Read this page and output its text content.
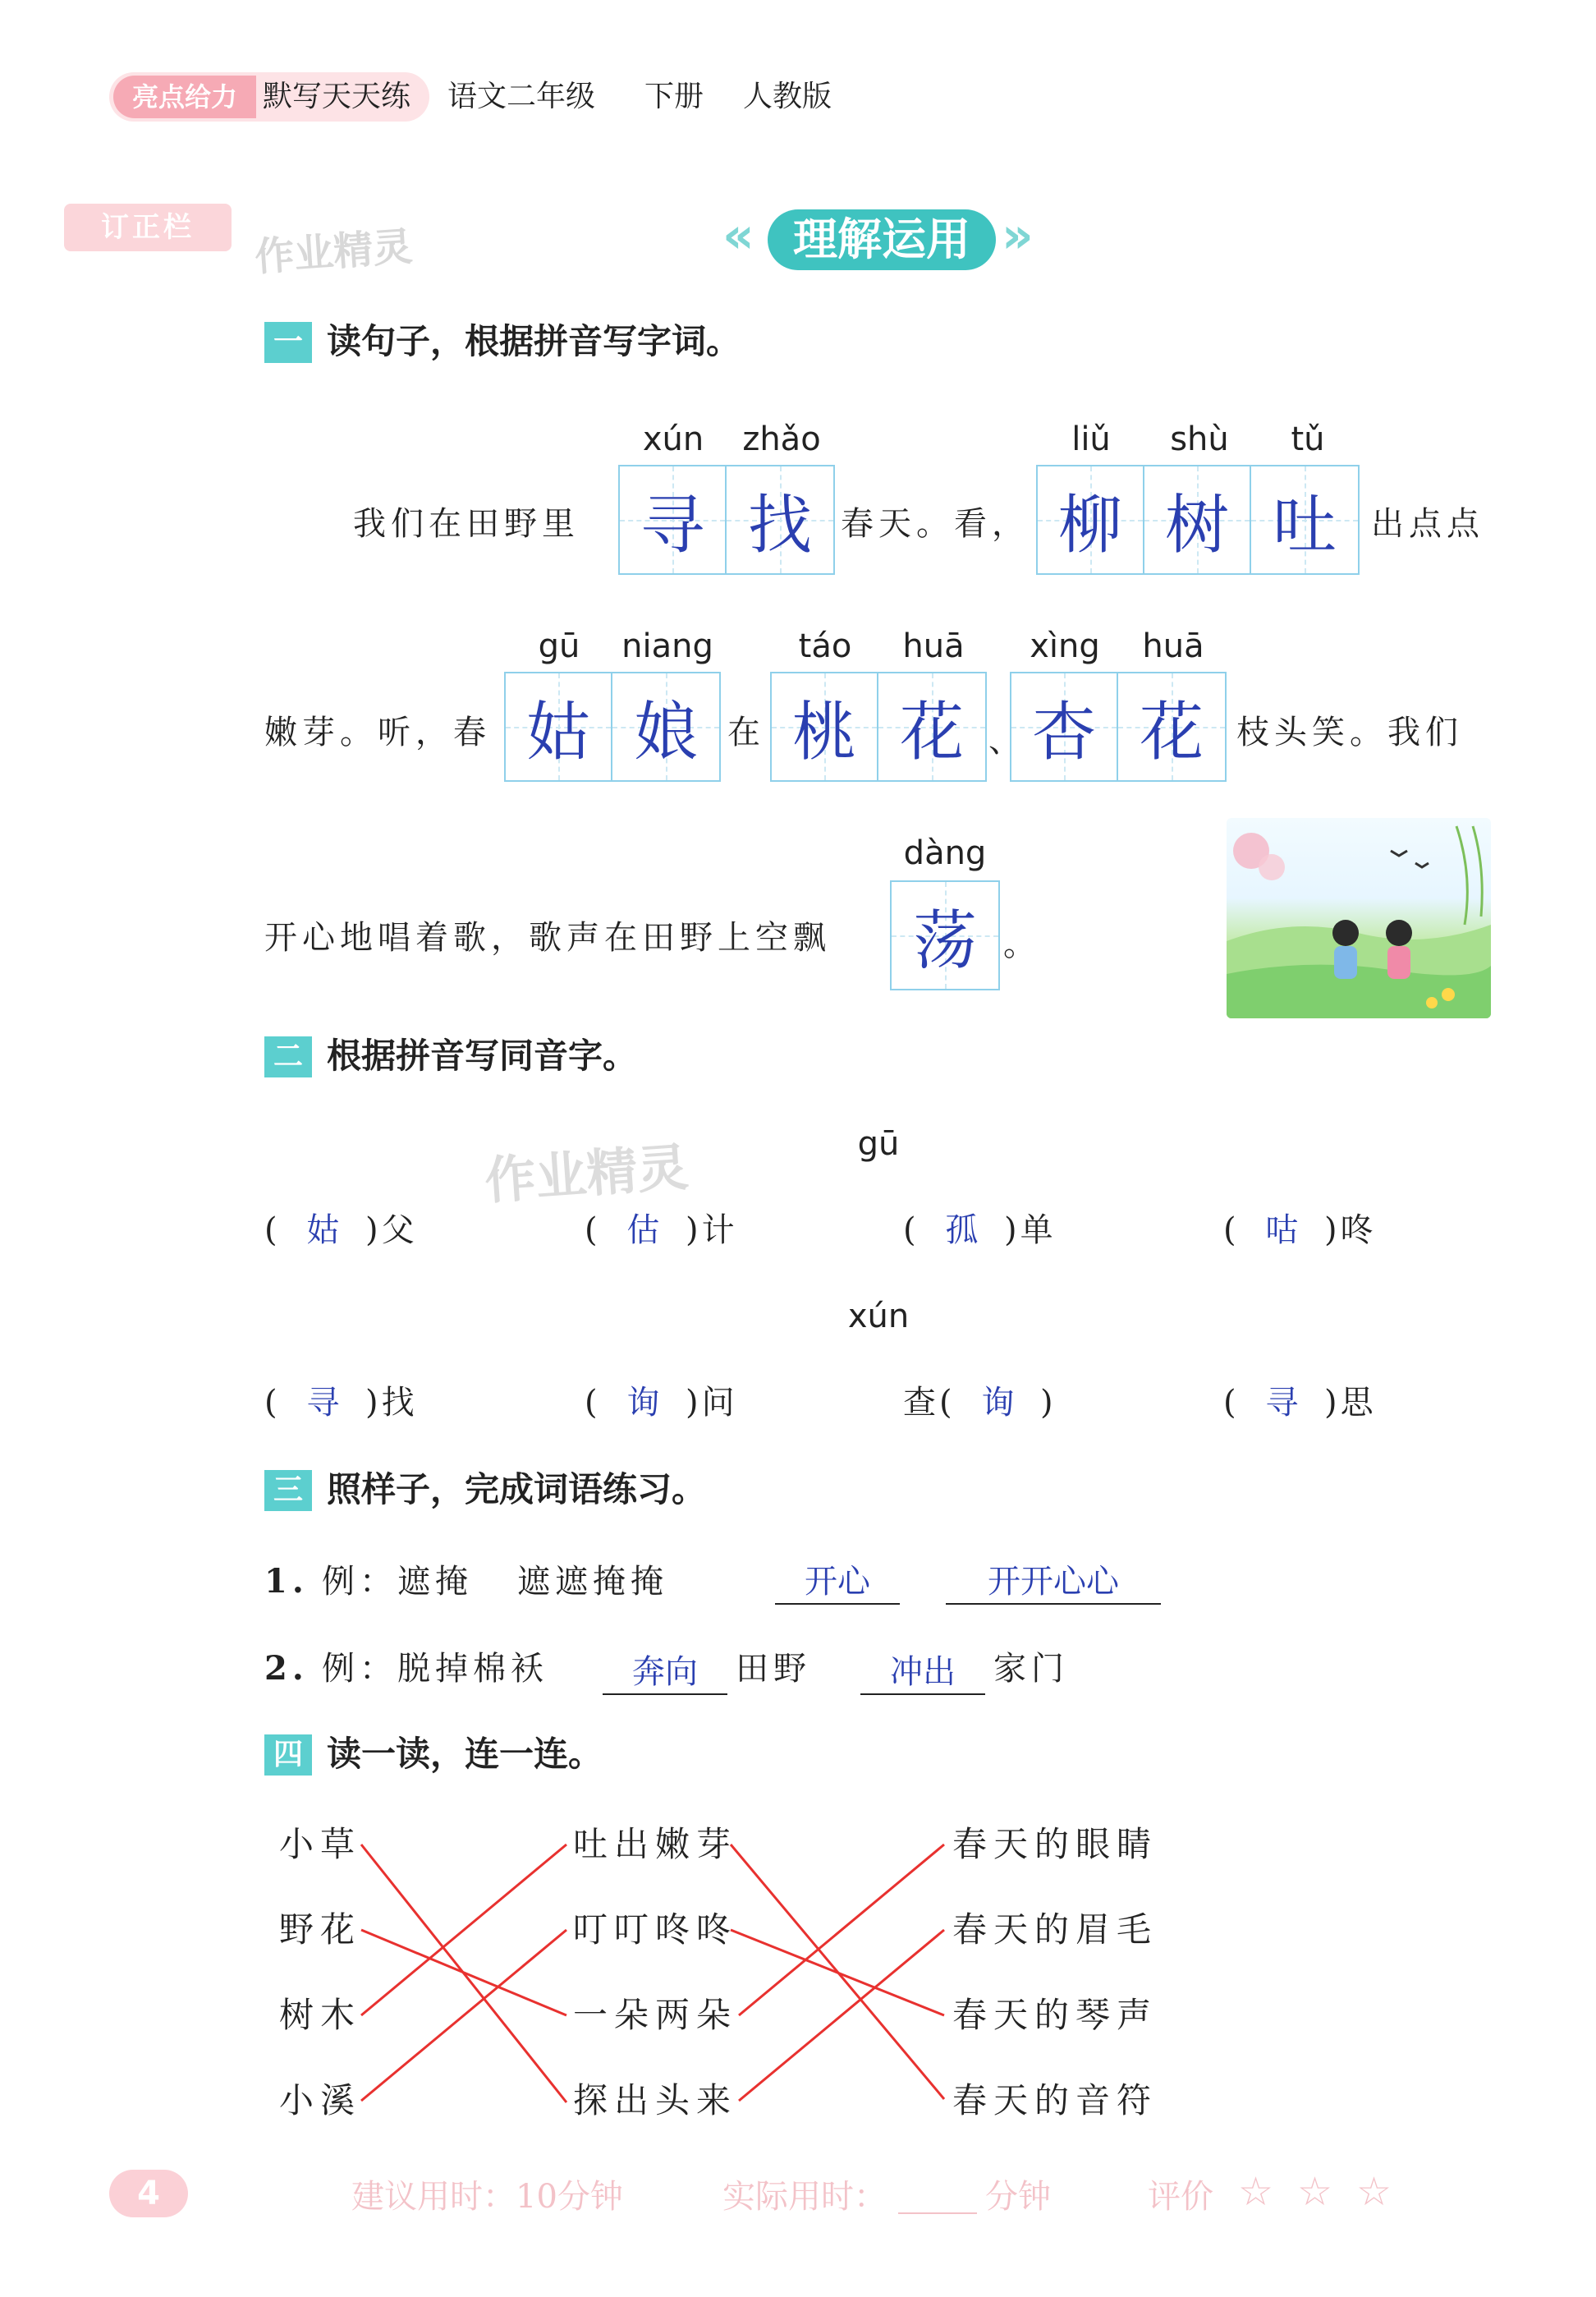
亮点给力 默写天天练 语文二年级 下册 人教版
订正栏	作业精灵
作业精灵
« 理解运用 »
一 读句子，根据拼音写字词。
xún	zhǎo	liǔ	shù	tǔ
我们在田野里 寻 找 春天。看， 柳 树 吐 出点点
gū	niang	táo	huā	xìng	huā
嫩芽。听，春 姑 娘 在 桃 花 、 杏 花 枝头笑。我们
dàng
开心地唱着歌，歌声在田野上空飘 荡 。
二 根据拼音写同音字。
gū
( 姑 )父	( 估 )计	( 孤 )单	( 咕 )咚
xún
( 寻 )找	( 询 )问	查( 询 )	( 寻 )思
三 照样子，完成词语练习。
1. 例：遮掩 遮遮掩掩	开心	开开心心
2. 例：脱掉棉袄	奔向	田野	冲出	家门
四 读一读，连一连。
小草
野花
树木
小溪
吐出嫩芽
叮叮咚咚
一朵两朵
探出头来
春天的眼睛
春天的眉毛
春天的琴声
春天的音符
4	建议用时：10分钟	实际用时：	分钟	评价 ☆ ☆ ☆
